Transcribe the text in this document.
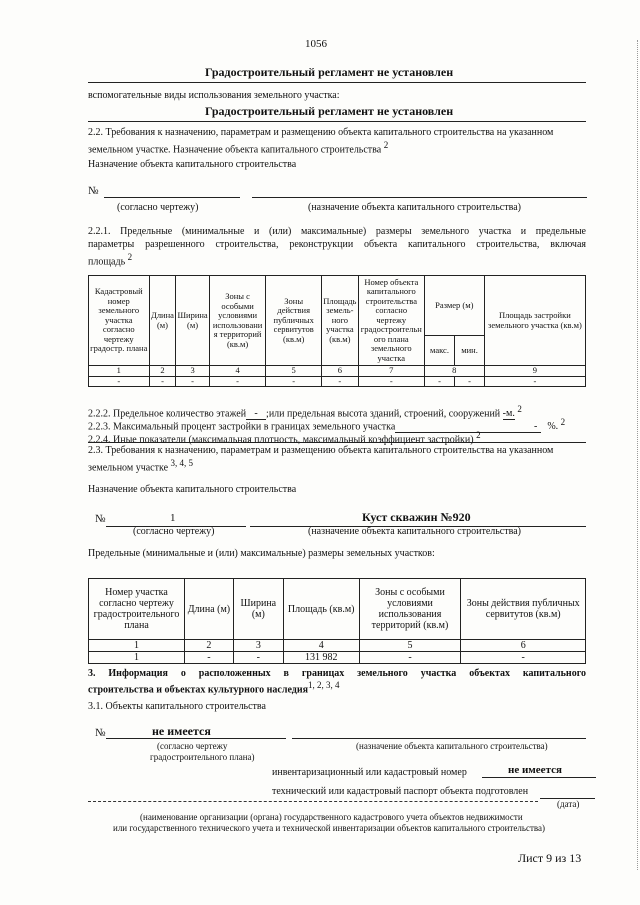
1056
Градостроительный регламент не установлен
вспомогательные виды использования земельного участка:
Градостроительный регламент не установлен
2.2. Требования к назначению, параметрам и размещению объекта капитального строительства на указанном
земельном участке. Назначение объекта капитального строительства $^2$
Назначение объекта капитального строительства
№
(согласно чертежу)	(назначение объекта капитального строительства)
2.2.1. Предельные (минимальные и (или) максимальные) размеры земельного участка и предельные
параметры разрешенного строительства, реконструкции объекта капитального строительства, включая
площадь $^2$
Кадастровый номер земельного участка согласно чертежу градостр. плана	Длина (м)	Ширина (м)	Зоны с особыми условиями использовани я территорий (кв.м)	Зоны действия публичных сервитутов (кв.м)	Площадь земель- ного участка (кв.м)	Номер объекта капитального строительства согласно чертежу градостроительн ого плана земельного участка	Размер (м)		Площадь застройки земельного участка (кв.м)
							макс.	мин.	
1	2	3	4	5	6	7	8		9
-	-	-	-	-	-	-	-	-	-
2.2.2. Предельное количество этажей - ;или предельная высота зданий, строений, сооружений -м. $^2$
2.2.3. Максимальный процент застройки в границах земельного участка	- %. $^2$
2.2.4. Иные показатели (максимальная плотность, максимальный коэффициент застройки) $^2$
2.3. Требования к назначению, параметрам и размещению объекта капитального строительства на указанном
земельном участке $^{3, 4, 5}$
Назначение объекта капитального строительства
№	1	Куст скважин №920
(согласно чертежу)	(назначение объекта капитального строительства)
Предельные (минимальные и (или) максимальные) размеры земельных участков:
Номер участка согласно чертежу градостроительного плана	Длина (м)	Ширина (м)	Площадь (кв.м)	Зоны с особыми условиями использования территорий (кв.м)	Зоны действия публичных сервитутов (кв.м)
1	2	3	4	5	6
1	-	-	131 982	-	-
3. Информация о расположенных в границах земельного участка объектах капитального
строительства и объектах культурного наследия$^{1, 2, 3, 4}$
3.1. Объекты капитального строительства
№	не имеется
(согласно чертежу
градостроительного плана)
(назначение объекта капитального строительства)
инвентаризационный или кадастровый номер	не имеется
технический или кадастровый паспорт объекта подготовлен
(дата)
(наименование организации (органа) государственного кадастрового учета объектов недвижимости
или государственного технического учета и технической инвентаризации объектов капитального строительства)
Лист 9 из 13
